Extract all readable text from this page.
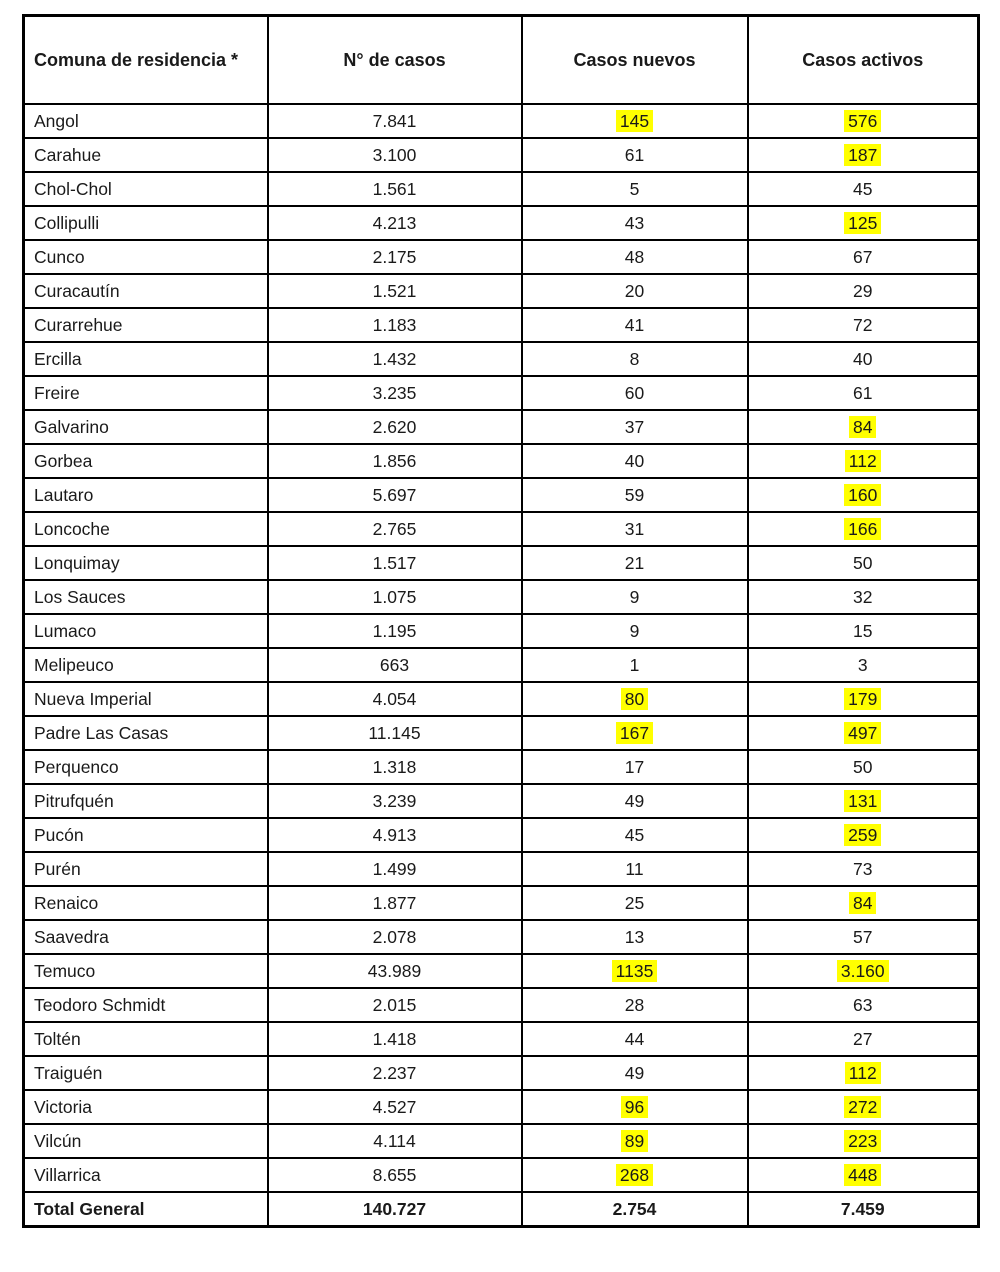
Comuna de residencia *	N° de casos	Casos nuevos	Casos activos
Angol	7.841	145	576
Carahue	3.100	61	187
Chol-Chol	1.561	5	45
Collipulli	4.213	43	125
Cunco	2.175	48	67
Curacautín	1.521	20	29
Curarrehue	1.183	41	72
Ercilla	1.432	8	40
Freire	3.235	60	61
Galvarino	2.620	37	84
Gorbea	1.856	40	112
Lautaro	5.697	59	160
Loncoche	2.765	31	166
Lonquimay	1.517	21	50
Los Sauces	1.075	9	32
Lumaco	1.195	9	15
Melipeuco	663	1	3
Nueva Imperial	4.054	80	179
Padre Las Casas	11.145	167	497
Perquenco	1.318	17	50
Pitrufquén	3.239	49	131
Pucón	4.913	45	259
Purén	1.499	11	73
Renaico	1.877	25	84
Saavedra	2.078	13	57
Temuco	43.989	1135	3.160
Teodoro Schmidt	2.015	28	63
Toltén	1.418	44	27
Traiguén	2.237	49	112
Victoria	4.527	96	272
Vilcún	4.114	89	223
Villarrica	8.655	268	448
Total General	140.727	2.754	7.459
